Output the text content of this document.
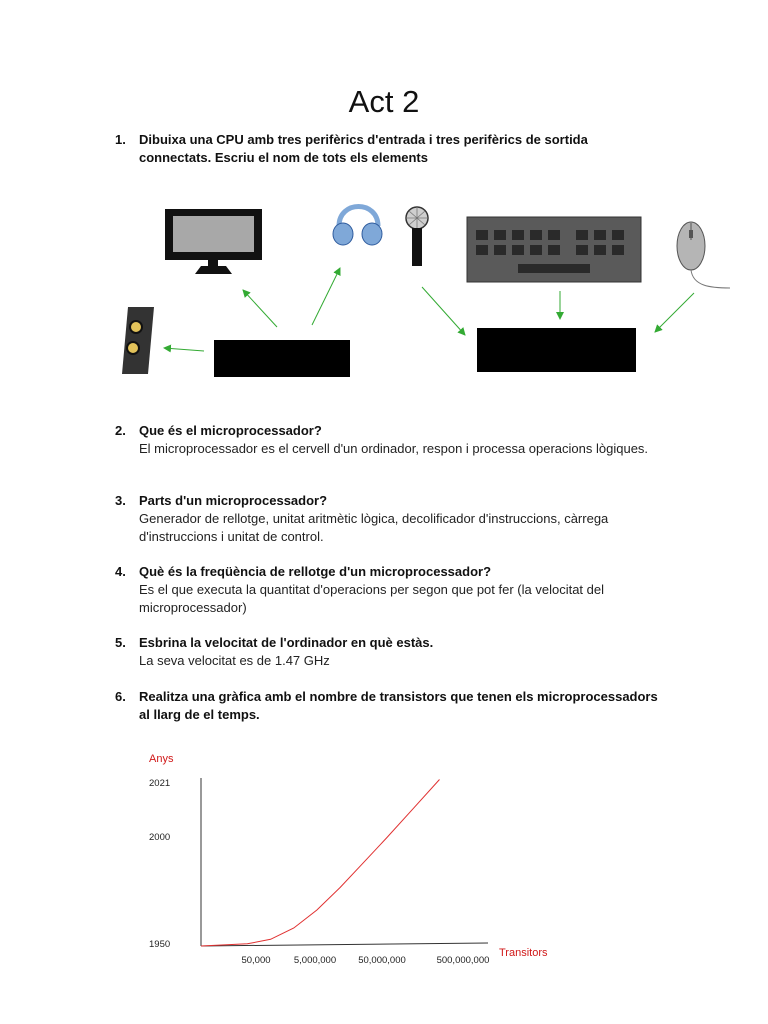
Act 2
1. Dibuixa una CPU amb tres perifèrics d'entrada i tres perifèrics de sortida connectats. Escriu el nom de tots els elements
2. Que és el microprocessador?
El microprocessador es el cervell d'un ordinador, respon i processa operacions lògiques.
3. Parts d'un microprocessador?
Generador de rellotge, unitat aritmètic lògica, decolificador d'instruccions, càrrega d'instruccions i unitat de control.
4. Què és la freqüència de rellotge d'un microprocessador?
Es el que executa la quantitat d'operacions per segon que pot fer (la velocitat del microprocessador)
5. Esbrina la velocitat de l'ordinador en què estàs.
La seva velocitat es de 1.47 GHz
6. Realitza una gràfica amb el nombre de transistors que tenen els microprocessadors al llarg de el temps.
Anys
Transitors
2021
2000
1950
50,000 5,000,000 50,000,000	500,000,000
